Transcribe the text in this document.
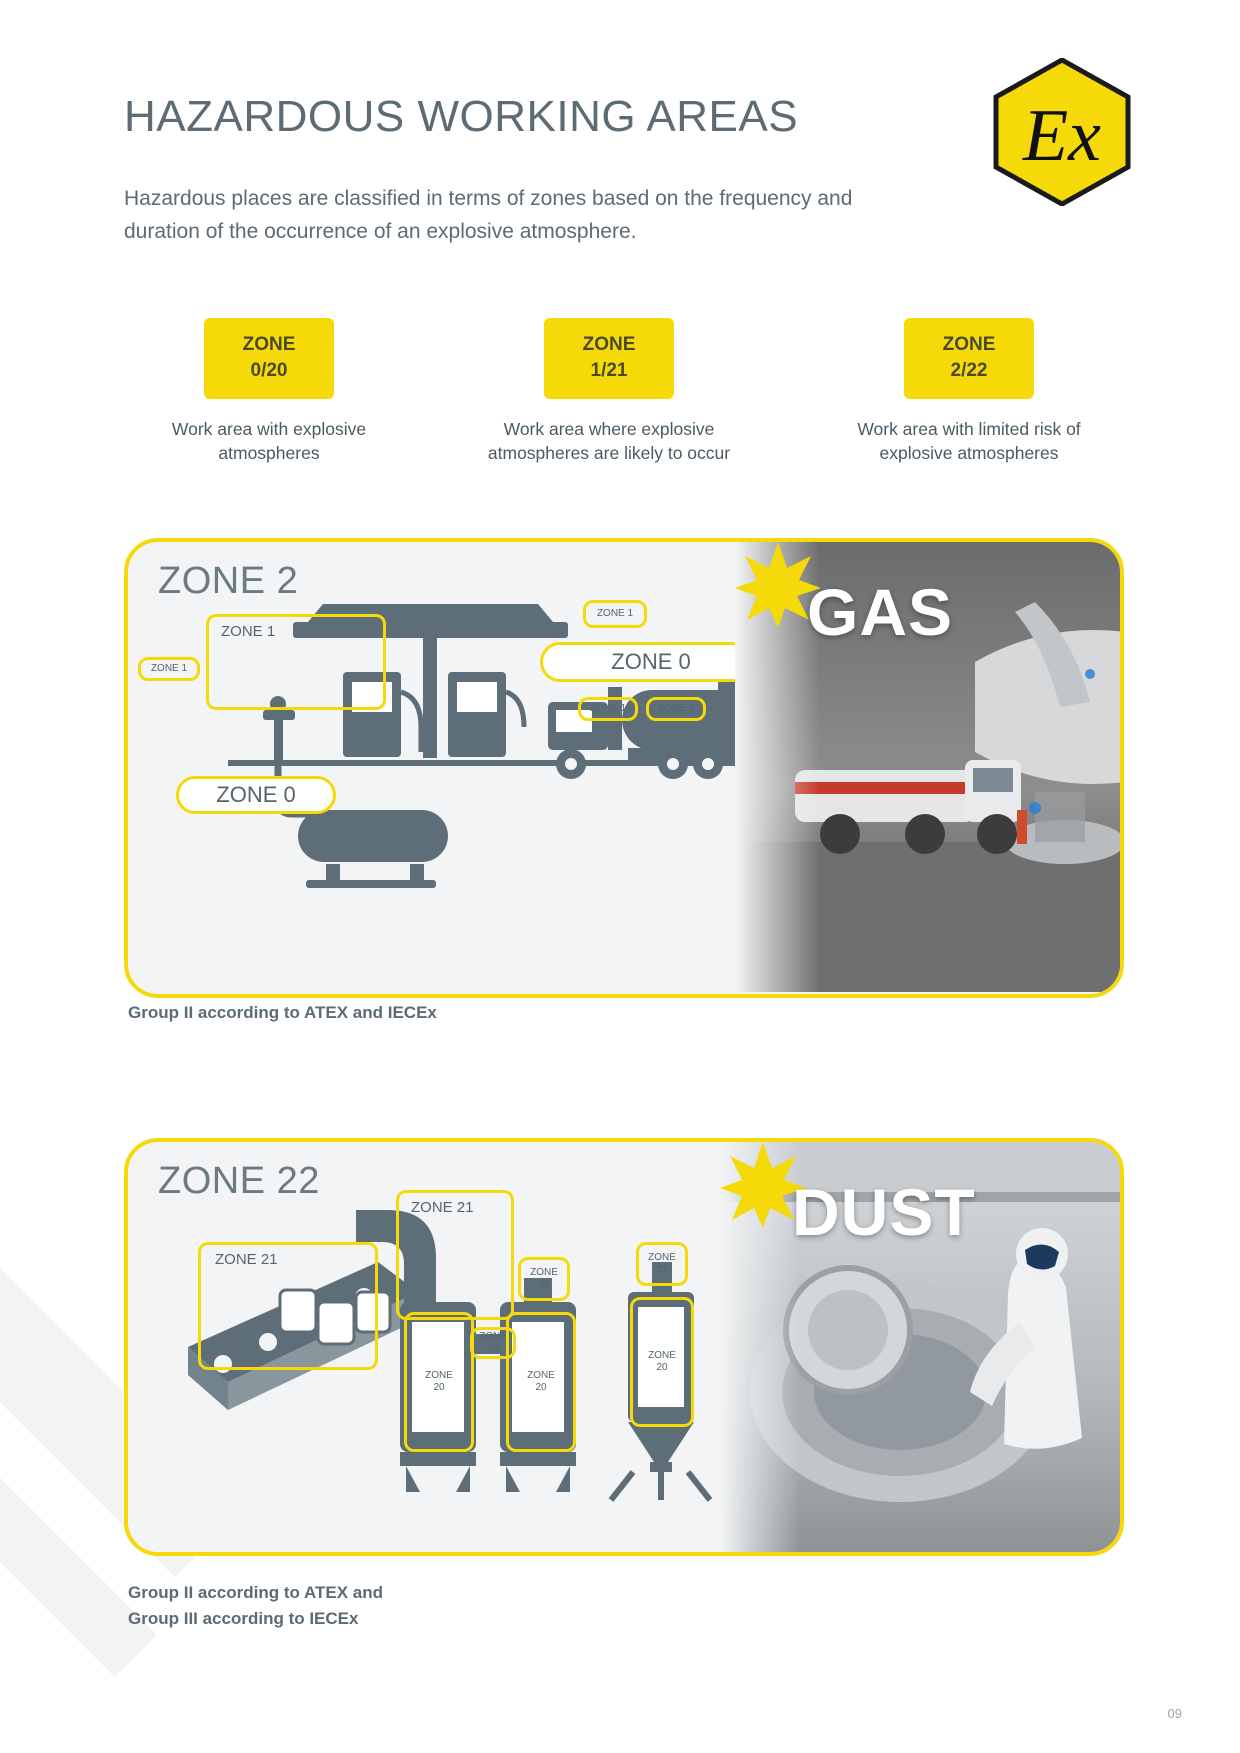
HAZARDOUS WORKING AREAS
Hazardous places are classified in terms of zones based on the frequency and duration of the occurrence of an explosive atmosphere.
Ex
ZONE
0/20
Work area with explosive atmospheres
ZONE
1/21
Work area where explosive atmospheres are likely to occur
ZONE
2/22
Work area with limited risk of explosive atmospheres
ZONE 2
ZONE 1
ZONE 1
ZONE 1
ZONE 0
ZONE 1	ZONE 1
ZONE 0
GAS
Group II according to ATEX and IECEx
ZONE 22
ZONE 21
ZONE 21
ZONE
20
ZONE 21
ZONE
21
ZONE
20
ZONE
21
ZONE
20
DUST
Group II according to ATEX and
Group III according to IECEx
09
